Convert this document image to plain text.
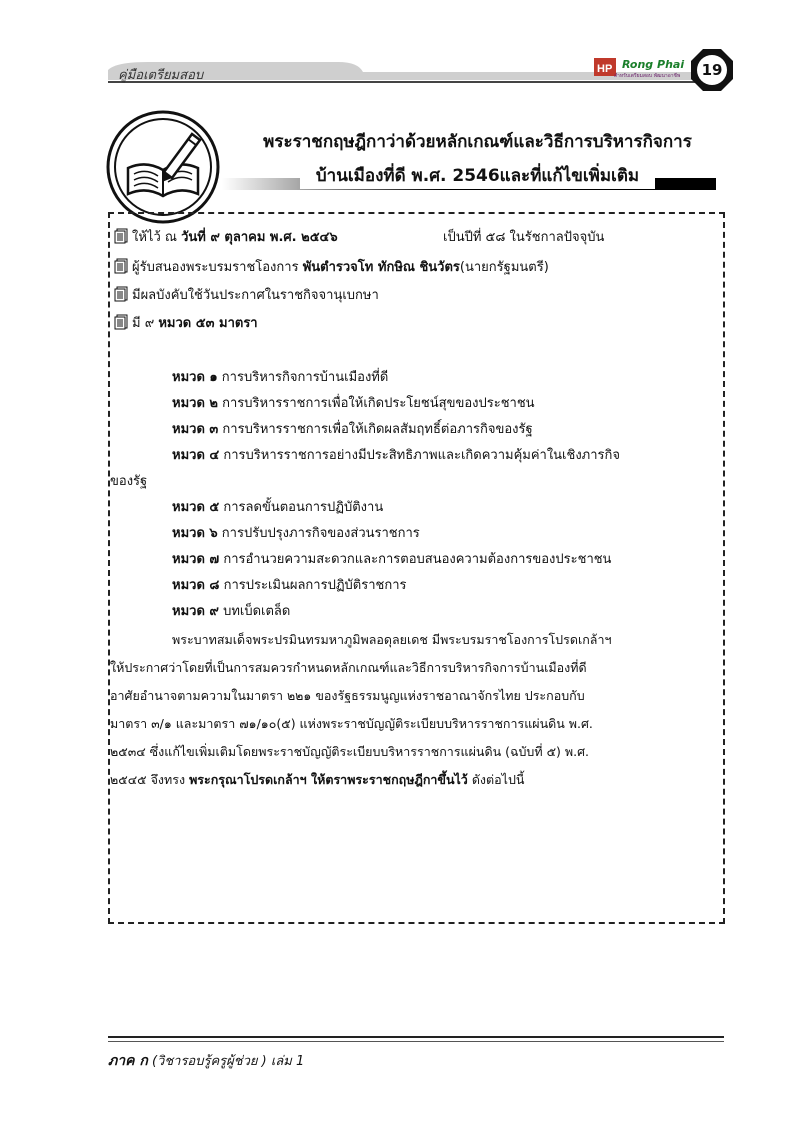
คู่มือเตรียมสอบ	HP Rong Phai
สำหรับเตรียมสอบ พัฒนาอาชีพ	19
พระราชกฤษฎีกาว่าด้วยหลักเกณฑ์และวิธีการบริหารกิจการ
บ้านเมืองที่ดี พ.ศ. 2546และที่แก้ไขเพิ่มเติม
ให้ไว้ ณ วันที่ ๙ ตุลาคม พ.ศ. ๒๕๔๖	เป็นปีที่ ๕๘ ในรัชกาลปัจจุบัน
ผู้รับสนองพระบรมราชโองการ พันตำรวจโท ทักษิณ ชินวัตร(นายกรัฐมนตรี)
มีผลบังคับใช้วันประกาศในราชกิจจานุเบกษา
มี ๙ หมวด ๕๓ มาตรา
หมวด ๑ การบริหารกิจการบ้านเมืองที่ดี
หมวด ๒ การบริหารราชการเพื่อให้เกิดประโยชน์สุขของประชาชน
หมวด ๓ การบริหารราชการเพื่อให้เกิดผลสัมฤทธิ์ต่อภารกิจของรัฐ
หมวด ๔ การบริหารราชการอย่างมีประสิทธิภาพและเกิดความคุ้มค่าในเชิงภารกิจ
ของรัฐ
หมวด ๕ การลดขั้นตอนการปฏิบัติงาน
หมวด ๖ การปรับปรุงภารกิจของส่วนราชการ
หมวด ๗ การอำนวยความสะดวกและการตอบสนองความต้องการของประชาชน
หมวด ๘ การประเมินผลการปฏิบัติราชการ
หมวด ๙ บทเบ็ดเตล็ด
พระบาทสมเด็จพระปรมินทรมหาภูมิพลอดุลยเดช มีพระบรมราชโองการโปรดเกล้าฯ
ให้ประกาศว่าโดยที่เป็นการสมควรกำหนดหลักเกณฑ์และวิธีการบริหารกิจการบ้านเมืองที่ดี
อาศัยอำนาจตามความในมาตรา ๒๒๑ ของรัฐธรรมนูญแห่งราชอาณาจักรไทย ประกอบกับ
มาตรา ๓/๑ และมาตรา ๗๑/๑๐(๕) แห่งพระราชบัญญัติระเบียบบริหารราชการแผ่นดิน พ.ศ.
๒๕๓๔ ซึ่งแก้ไขเพิ่มเติมโดยพระราชบัญญัติระเบียบบริหารราชการแผ่นดิน (ฉบับที่ ๕) พ.ศ.
๒๕๔๕ จึงทรง พระกรุณาโปรดเกล้าฯ ให้ตราพระราชกฤษฎีกาขึ้นไว้ ดังต่อไปนี้
ภาค ก (วิชารอบรู้ครูผู้ช่วย ) เล่ม 1
